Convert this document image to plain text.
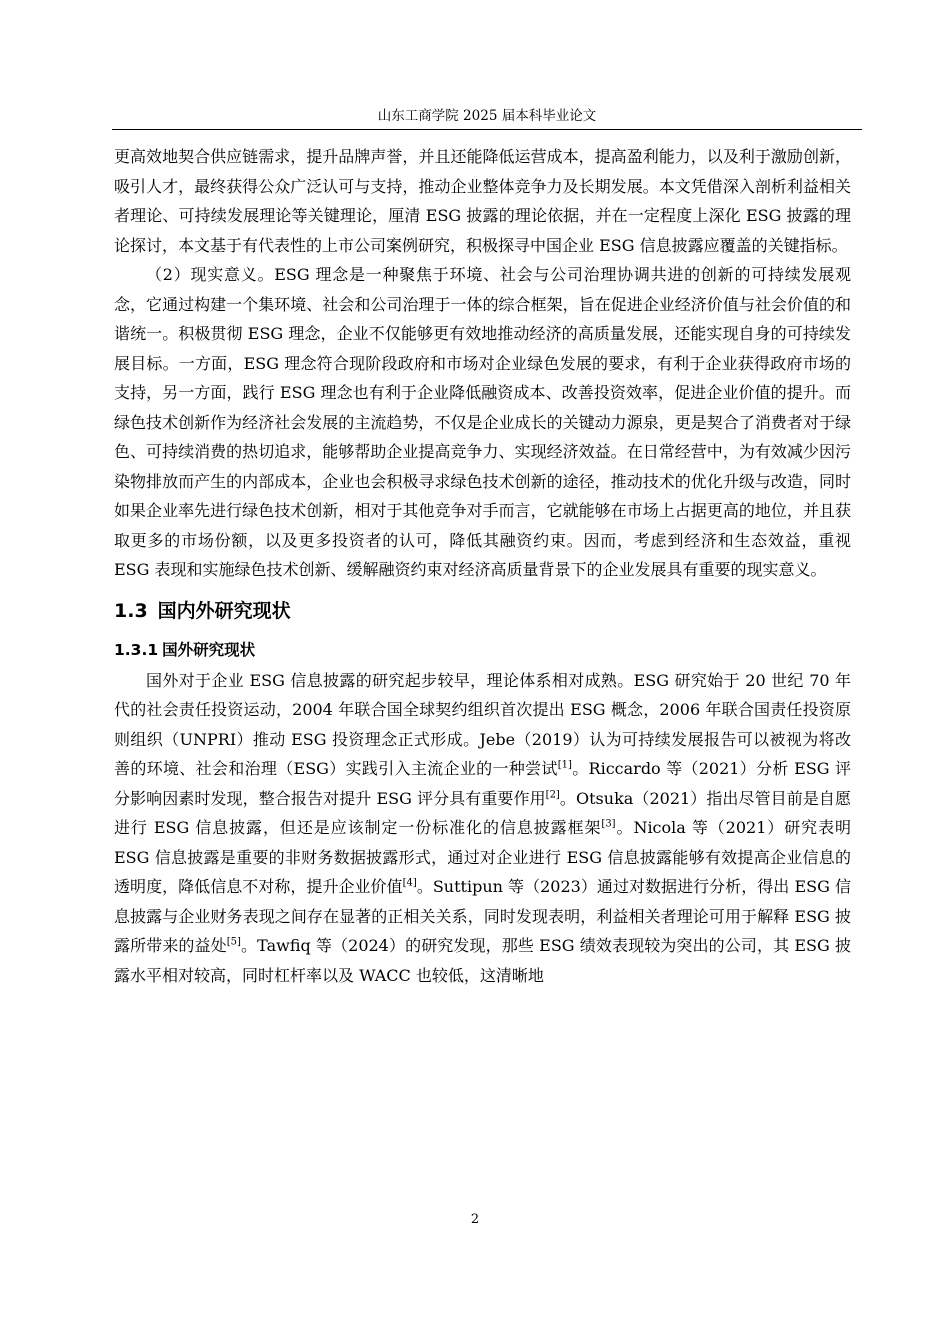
山东工商学院 2025 届本科毕业论文

更高效地契合供应链需求，提升品牌声誉，并且还能降低运营成本，提高盈利能力，以及利于激励创新，吸引人才，最终获得公众广泛认可与支持，推动企业整体竞争力及长期发展。本文凭借深入剖析利益相关者理论、可持续发展理论等关键理论，厘清 ESG 披露的理论依据，并在一定程度上深化 ESG 披露的理论探讨，本文基于有代表性的上市公司案例研究，积极探寻中国企业 ESG 信息披露应覆盖的关键指标。

（2）现实意义。ESG 理念是一种聚焦于环境、社会与公司治理协调共进的创新的可持续发展观念，它通过构建一个集环境、社会和公司治理于一体的综合框架，旨在促进企业经济价值与社会价值的和谐统一。积极贯彻 ESG 理念，企业不仅能够更有效地推动经济的高质量发展，还能实现自身的可持续发展目标。一方面，ESG 理念符合现阶段政府和市场对企业绿色发展的要求，有利于企业获得政府市场的支持，另一方面，践行 ESG 理念也有利于企业降低融资成本、改善投资效率，促进企业价值的提升。而绿色技术创新作为经济社会发展的主流趋势，不仅是企业成长的关键动力源泉，更是契合了消费者对于绿色、可持续消费的热切追求，能够帮助企业提高竞争力、实现经济效益。在日常经营中，为有效减少因污染物排放而产生的内部成本，企业也会积极寻求绿色技术创新的途径，推动技术的优化升级与改造，同时如果企业率先进行绿色技术创新，相对于其他竞争对手而言，它就能够在市场上占据更高的地位，并且获取更多的市场份额，以及更多投资者的认可，降低其融资约束。因而，考虑到经济和生态效益，重视 ESG 表现和实施绿色技术创新、缓解融资约束对经济高质量背景下的企业发展具有重要的现实意义。

1.3 国内外研究现状
1.3.1 国外研究现状

国外对于企业 ESG 信息披露的研究起步较早，理论体系相对成熟。ESG 研究始于 20 世纪 70 年代的社会责任投资运动，2004 年联合国全球契约组织首次提出 ESG 概念，2006 年联合国责任投资原则组织（UNPRI）推动 ESG 投资理念正式形成。Jebe（2019）认为可持续发展报告可以被视为将改善的环境、社会和治理（ESG）实践引入主流企业的一种尝试[1]。Riccardo 等（2021）分析 ESG 评分影响因素时发现，整合报告对提升 ESG 评分具有重要作用[2]。Otsuka（2021）指出尽管目前是自愿进行 ESG 信息披露，但还是应该制定一份标准化的信息披露框架[3]。Nicola 等（2021）研究表明 ESG 信息披露是重要的非财务数据披露形式，通过对企业进行 ESG 信息披露能够有效提高企业信息的透明度，降低信息不对称，提升企业价值[4]。Suttipun 等（2023）通过对数据进行分析，得出 ESG 信息披露与企业财务表现之间存在显著的正相关关系，同时发现表明，利益相关者理论可用于解释 ESG 披露所带来的益处[5]。Tawfiq 等（2024）的研究发现，那些 ESG 绩效表现较为突出的公司，其 ESG 披露水平相对较高，同时杠杆率以及 WACC 也较低，这清晰地

2
